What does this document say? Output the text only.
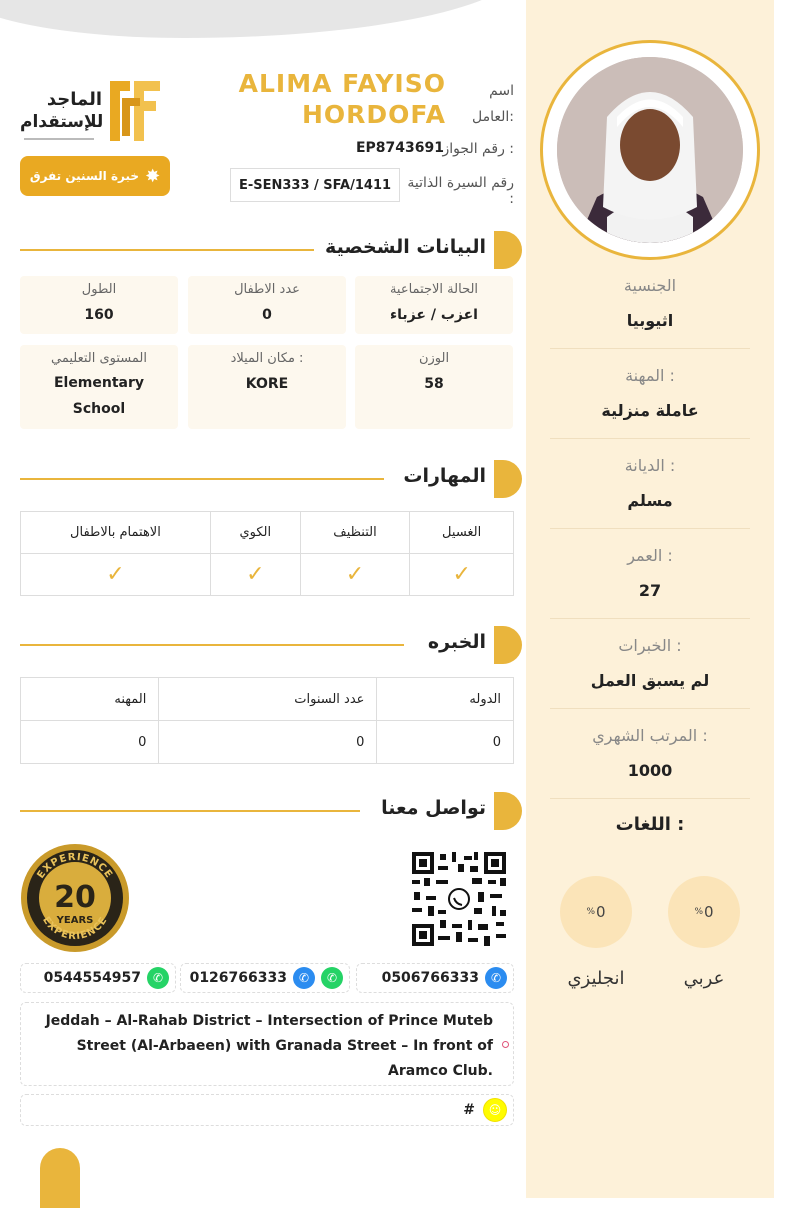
الجنسية
اثيوبيا
المهنة :
عاملة منزلية
الديانة :
مسلم
العمر :
27
الخبرات :
لم يسبق العمل
المرتب الشهري :
1000
اللغات :
% 0
عربي
% 0
انجليزي
اسم العامل:
ALIMA FAYISO HORDOFA
رقم الجواز :
EP8743691
رقم السيرة الذاتية :
E-SEN333 / SFA/1411
الماجد
للإستقدام
خبرة السنين تفرق ✸
البيانات الشخصية
الحالة الاجتماعية
اعزب / عزباء
عدد الاطفال
0
الطول
160
الوزن
58
مكان الميلاد :
KORE
المستوى التعليمي
Elementary School
المهارات
الاهتمام بالاطفال	الكوي	التنظيف	الغسيل
✓	✓	✓	✓
الخبره
المهنه	عدد السنوات	الدوله
0	0	0
تواصل معنا
EXPERIENCE
EXPERIENCE
20
YEARS
0506766333 ✆
0126766333 ✆	✆
0544554957 ✆
Jeddah – Al-Rahab District – Intersection of Prince Muteb Street (Al-Arbaeen) with Granada Street – In front of Aramco Club.
#	☺
